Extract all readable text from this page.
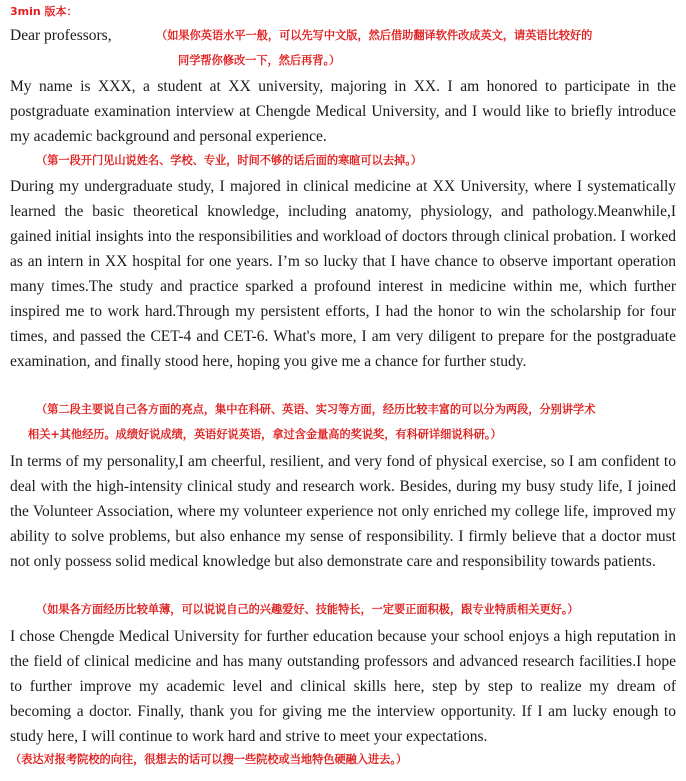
3min 版本：
Dear professors,	（如果你英语水平一般，可以先写中文版，然后借助翻译软件改成英文，请英语比较好的
同学帮你修改一下，然后再背。）
My name is XXX, a student at XX university, majoring in XX. I am honored to participate in the postgraduate examination interview at Chengde Medical University, and I would like to briefly introduce my academic background and personal experience.
（第一段开门见山说姓名、学校、专业，时间不够的话后面的寒暄可以去掉。）
During my undergraduate study, I majored in clinical medicine at XX University, where I systematically learned the basic theoretical knowledge, including anatomy, physiology, and pathology.Meanwhile,I gained initial insights into the responsibilities and workload of doctors through clinical probation. I worked as an intern in XX hospital for one years. I’m so lucky that I have chance to observe important operation many times.The study and practice sparked a profound interest in medicine within me, which further inspired me to work hard.Through my persistent efforts, I had the honor to win the scholarship for four times, and passed the CET-4 and CET-6. What's more, I am very diligent to prepare for the postgraduate examination, and finally stood here, hoping you give me a chance for further study.
（第二段主要说自己各方面的亮点，集中在科研、英语、实习等方面，经历比较丰富的可以分为两段，分别讲学术
相关+其他经历。成绩好说成绩，英语好说英语，拿过含金量高的奖说奖，有科研详细说科研。）
In terms of my personality,I am cheerful, resilient, and very fond of physical exercise, so I am confident to deal with the high-intensity clinical study and research work. Besides, during my busy study life, I joined the Volunteer Association, where my volunteer experience not only enriched my college life, improved my ability to solve problems, but also enhance my sense of responsibility. I firmly believe that a doctor must not only possess solid medical knowledge but also demonstrate care and responsibility towards patients.
（如果各方面经历比较单薄，可以说说自己的兴趣爱好、技能特长，一定要正面积极，跟专业特质相关更好。）
I chose Chengde Medical University for further education because your school enjoys a high reputation in the field of clinical medicine and has many outstanding professors and advanced research facilities.I hope to further improve my academic level and clinical skills here, step by step to realize my dream of becoming a doctor. Finally, thank you for giving me the interview opportunity. If I am lucky enough to study here, I will continue to work hard and strive to meet your expectations.
（表达对报考院校的向往，很想去的话可以搜一些院校或当地特色硬融入进去。）
